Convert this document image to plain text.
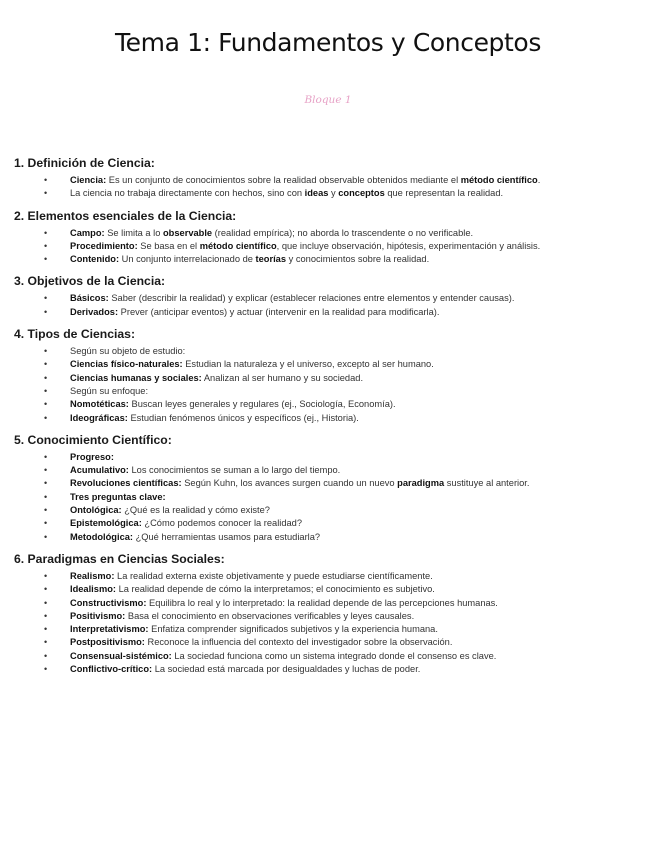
Tema 1: Fundamentos y Conceptos
Bloque 1
1. Definición de Ciencia:
• Ciencia: Es un conjunto de conocimientos sobre la realidad observable obtenidos mediante el método científico.
• La ciencia no trabaja directamente con hechos, sino con ideas y conceptos que representan la realidad.
2. Elementos esenciales de la Ciencia:
• Campo: Se limita a lo observable (realidad empírica); no aborda lo trascendente o no verificable.
• Procedimiento: Se basa en el método científico, que incluye observación, hipótesis, experimentación y análisis.
• Contenido: Un conjunto interrelacionado de teorías y conocimientos sobre la realidad.
3. Objetivos de la Ciencia:
• Básicos: Saber (describir la realidad) y explicar (establecer relaciones entre elementos y entender causas).
• Derivados: Prever (anticipar eventos) y actuar (intervenir en la realidad para modificarla).
4. Tipos de Ciencias:
• Según su objeto de estudio:
• Ciencias físico-naturales: Estudian la naturaleza y el universo, excepto al ser humano.
• Ciencias humanas y sociales: Analizan al ser humano y su sociedad.
• Según su enfoque:
• Nomotéticas: Buscan leyes generales y regulares (ej., Sociología, Economía).
• Ideográficas: Estudian fenómenos únicos y específicos (ej., Historia).
5. Conocimiento Científico:
• Progreso:
• Acumulativo: Los conocimientos se suman a lo largo del tiempo.
• Revoluciones científicas: Según Kuhn, los avances surgen cuando un nuevo paradigma sustituye al anterior.
• Tres preguntas clave:
• Ontológica: ¿Qué es la realidad y cómo existe?
• Epistemológica: ¿Cómo podemos conocer la realidad?
• Metodológica: ¿Qué herramientas usamos para estudiarla?
6. Paradigmas en Ciencias Sociales:
• Realismo: La realidad externa existe objetivamente y puede estudiarse científicamente.
• Idealismo: La realidad depende de cómo la interpretamos; el conocimiento es subjetivo.
• Constructivismo: Equilibra lo real y lo interpretado: la realidad depende de las percepciones humanas.
• Positivismo: Basa el conocimiento en observaciones verificables y leyes causales.
• Interpretativismo: Enfatiza comprender significados subjetivos y la experiencia humana.
• Postpositivismo: Reconoce la influencia del contexto del investigador sobre la observación.
• Consensual-sistémico: La sociedad funciona como un sistema integrado donde el consenso es clave.
• Conflictivo-crítico: La sociedad está marcada por desigualdades y luchas de poder.
